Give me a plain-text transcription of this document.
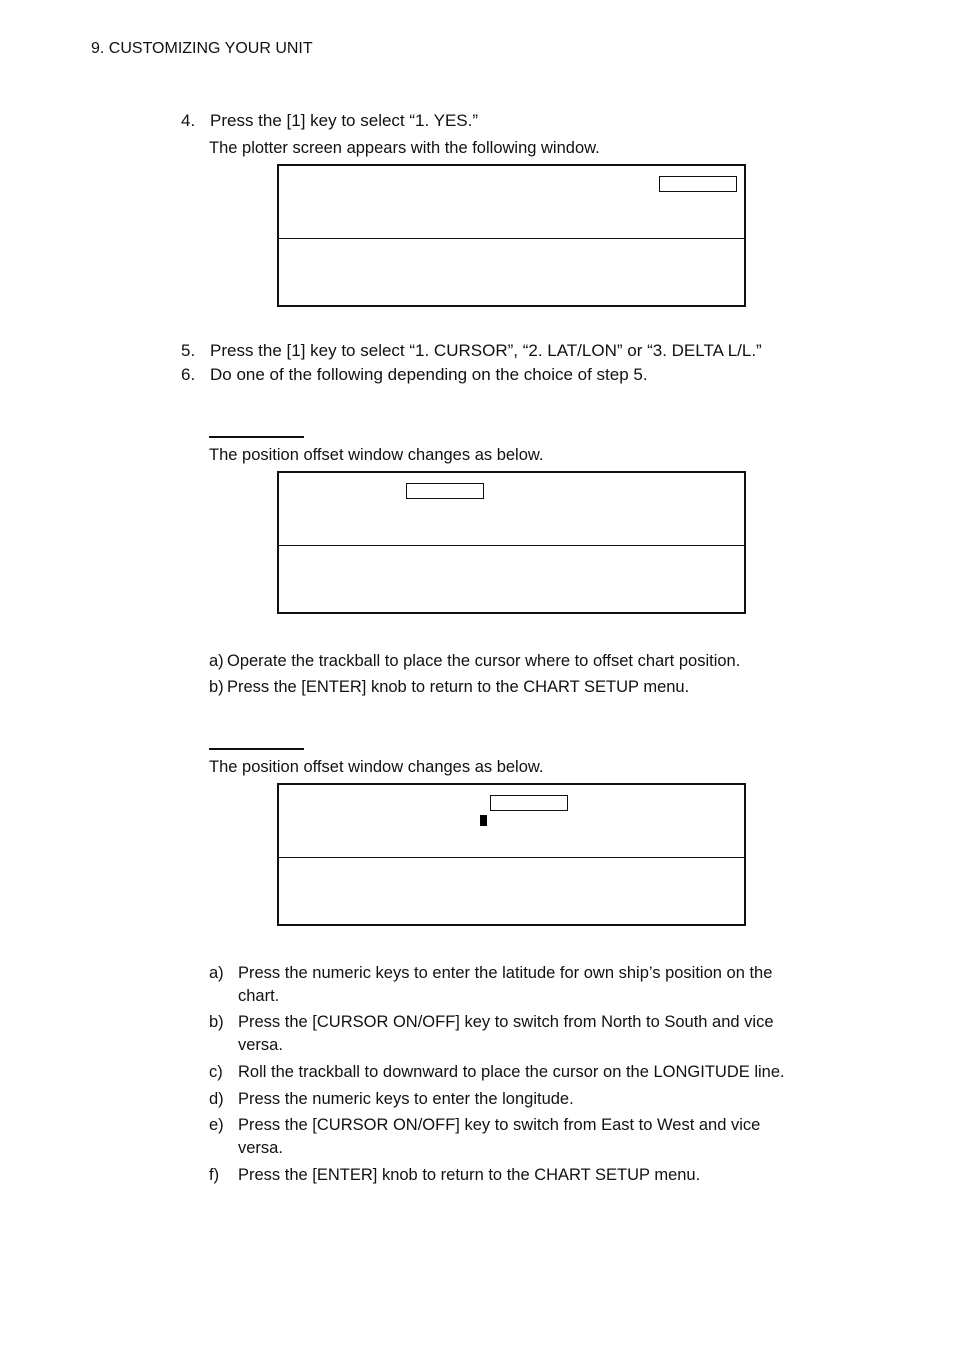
9. CUSTOMIZING YOUR UNIT
4. Press the [1] key to select “1. YES.”
The plotter screen appears with the following window.
5. Press the [1] key to select “1. CURSOR”, “2. LAT/LON” or “3. DELTA L/L.”
6. Do one of the following depending on the choice of step 5.
The position offset window changes as below.
a) Operate the trackball to place the cursor where to offset chart position.
b) Press the [ENTER] knob to return to the CHART SETUP menu.
The position offset window changes as below.
a) Press the numeric keys to enter the latitude for own ship’s position on the
chart.
b) Press the [CURSOR ON/OFF] key to switch from North to South and vice
versa.
c) Roll the trackball to downward to place the cursor on the LONGITUDE line.
d) Press the numeric keys to enter the longitude.
e) Press the [CURSOR ON/OFF] key to switch from East to West and vice
versa.
f) Press the [ENTER] knob to return to the CHART SETUP menu.
